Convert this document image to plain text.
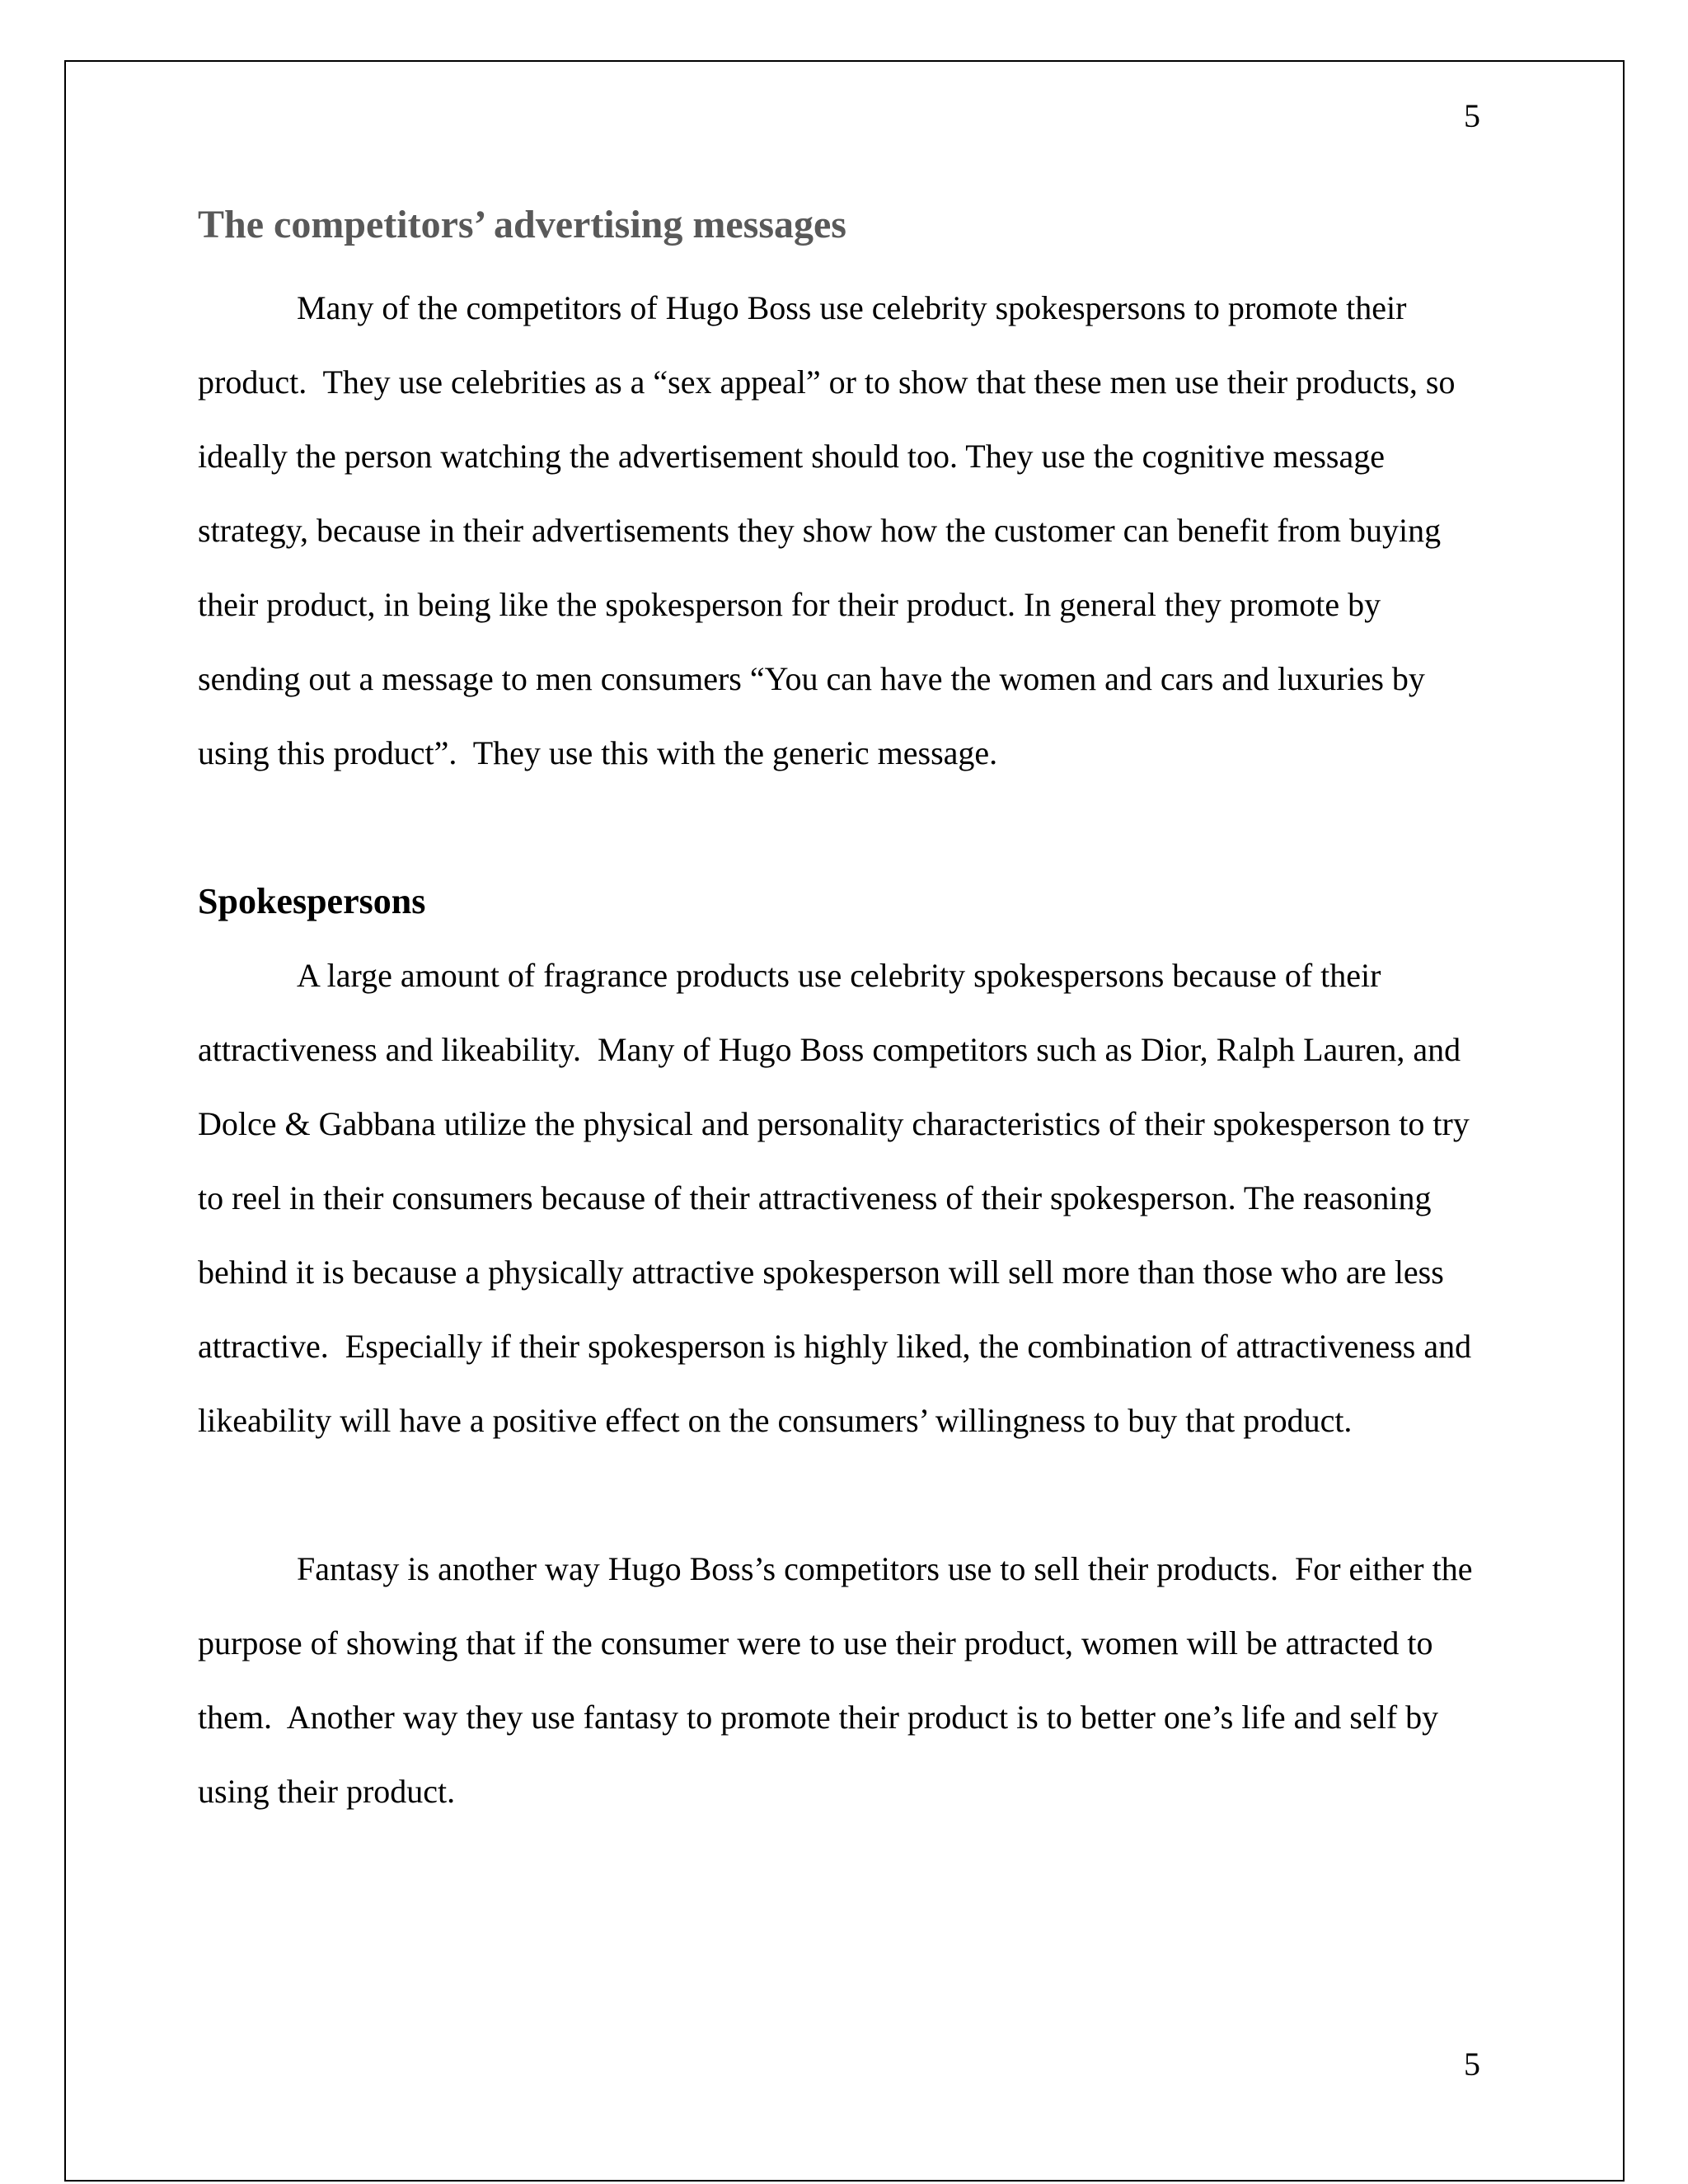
5
The competitors’ advertising messages

Many of the competitors of Hugo Boss use celebrity spokespersons to promote their product.  They use celebrities as a “sex appeal” or to show that these men use their products, so ideally the person watching the advertisement should too. They use the cognitive message strategy, because in their advertisements they show how the customer can benefit from buying their product, in being like the spokesperson for their product. In general they promote by sending out a message to men consumers “You can have the women and cars and luxuries by using this product”.  They use this with the generic message.

Spokespersons

A large amount of fragrance products use celebrity spokespersons because of their attractiveness and likeability.  Many of Hugo Boss competitors such as Dior, Ralph Lauren, and Dolce & Gabbana utilize the physical and personality characteristics of their spokesperson to try to reel in their consumers because of their attractiveness of their spokesperson. The reasoning behind it is because a physically attractive spokesperson will sell more than those who are less attractive.  Especially if their spokesperson is highly liked, the combination of attractiveness and likeability will have a positive effect on the consumers’ willingness to buy that product.

Fantasy is another way Hugo Boss’s competitors use to sell their products.  For either the purpose of showing that if the consumer were to use their product, women will be attracted to them.  Another way they use fantasy to promote their product is to better one’s life and self by using their product.

5
